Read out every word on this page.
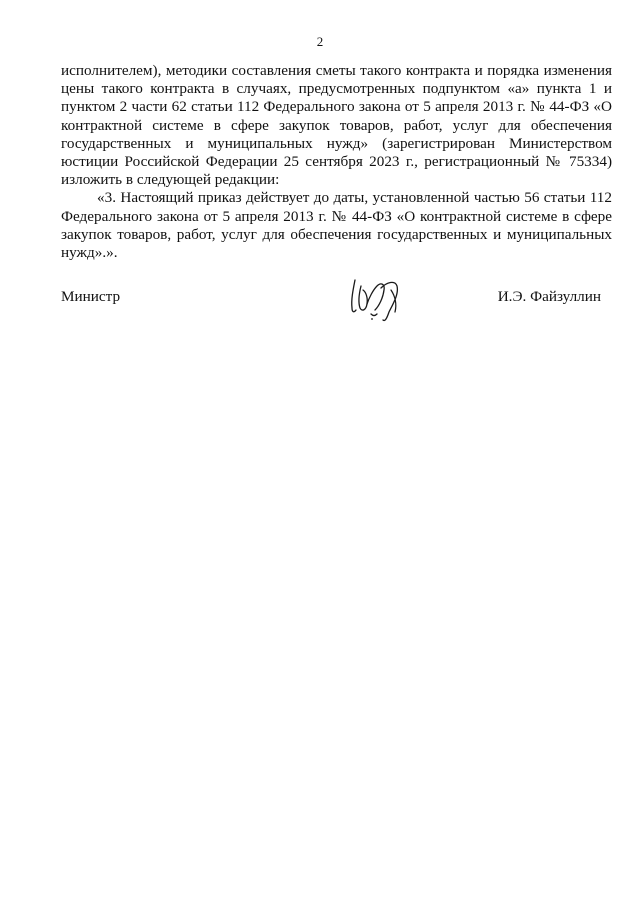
2

исполнителем), методики составления сметы такого контракта и порядка изменения цены такого контракта в случаях, предусмотренных подпунктом «а» пункта 1 и пунктом 2 части 62 статьи 112 Федерального закона от 5 апреля 2013 г. № 44-ФЗ «О контрактной системе в сфере закупок товаров, работ, услуг для обеспечения государственных и муниципальных нужд» (зарегистрирован Министерством юстиции Российской Федерации 25 сентября 2023 г., регистрационный № 75334) изложить в следующей редакции:

«3. Настоящий приказ действует до даты, установленной частью 56 статьи 112 Федерального закона от 5 апреля 2013 г. № 44-ФЗ «О контрактной системе в сфере закупок товаров, работ, услуг для обеспечения государственных и муниципальных нужд».».

Министр	И.Э. Файзуллин
